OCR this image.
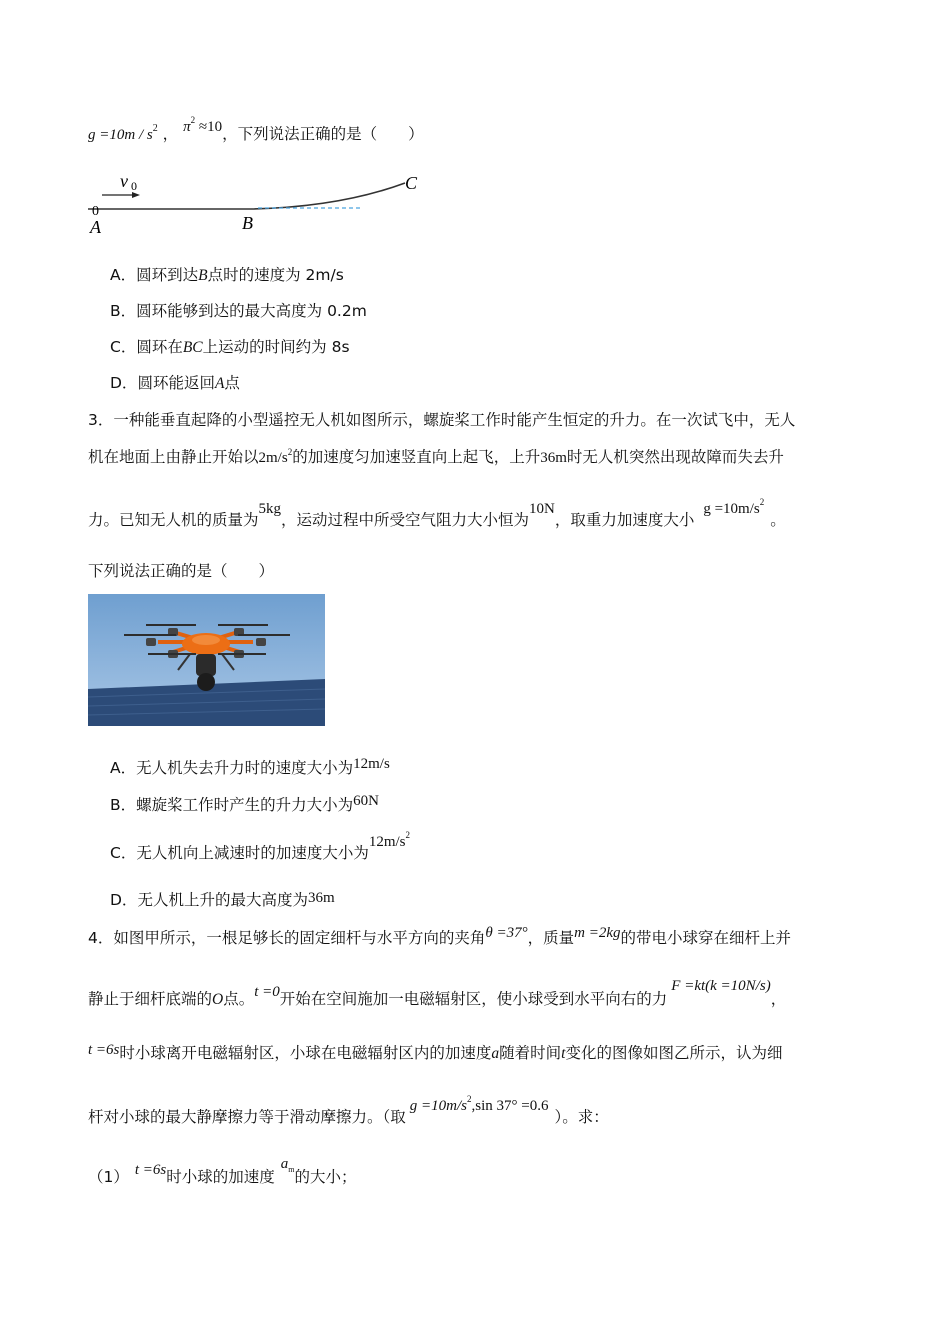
$g =10m / s^2$ ， $\pi^2 \approx 10$，下列说法正确的是（　　）
v 0
0
A	B
C
A．圆环到达B点时的速度为 2m/s
B．圆环能够到达的最大高度为 0.2m
C．圆环在BC上运动的时间约为 8s
D．圆环能返回A点
3．一种能垂直起降的小型遥控无人机如图所示，螺旋桨工作时能产生恒定的升力。在一次试飞中，无人
机在地面上由静止开始以$2m/s^2$的加速度匀加速竖直向上起飞，上升36m时无人机突然出现故障而失去升
力。已知无人机的质量为5kg，运动过程中所受空气阻力大小恒为10N，取重力加速度大小 $g =10m/s^2$。
下列说法正确的是（　　）
A．无人机失去升力时的速度大小为12m/s
B．螺旋桨工作时产生的升力大小为60N
C．无人机向上减速时的加速度大小为$12m/s^2$
D．无人机上升的最大高度为36m
4．如图甲所示，一根足够长的固定细杆与水平方向的夹角θ =37°，质量m =2kg的带电小球穿在细杆上并
静止于细杆底端的O点。t =0开始在空间施加一电磁辐射区，使小球受到水平向右的力F =kt(k =10N/s)，
t =6s时小球离开电磁辐射区，小球在电磁辐射区内的加速度a随着时间t变化的图像如图乙所示，认为细
杆对小球的最大静摩擦力等于滑动摩擦力。（取$g =10m/s^2,\sin$ 37° =0.6）。求：
（1） t =6s时小球的加速度$a^m$的大小；
